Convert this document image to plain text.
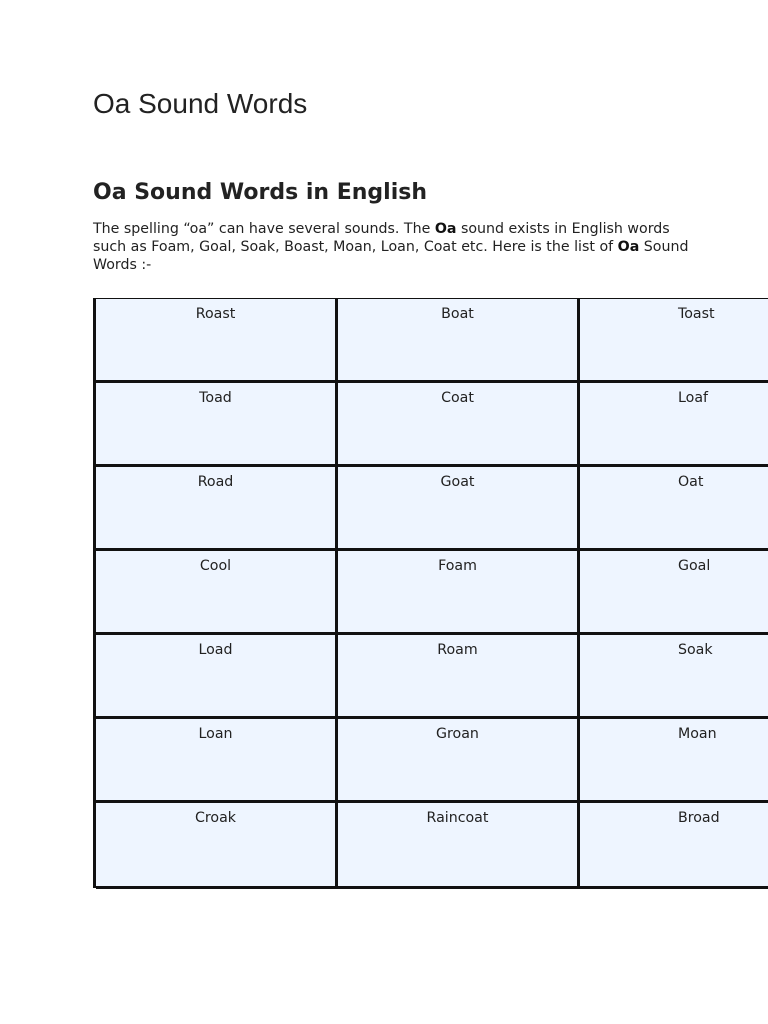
Oa Sound Words
Oa Sound Words in English

The spelling “oa” can have several sounds. The Oa sound exists in English words such as Foam, Goal, Soak, Boast, Moan, Loan, Coat etc. Here is the list of Oa Sound Words :-

Roast	Boat	Toast
Toad	Coat	Loaf
Road	Goat	Oat
Cool	Foam	Goal
Load	Roam	Soak
Loan	Groan	Moan
Croak	Raincoat	Broad
